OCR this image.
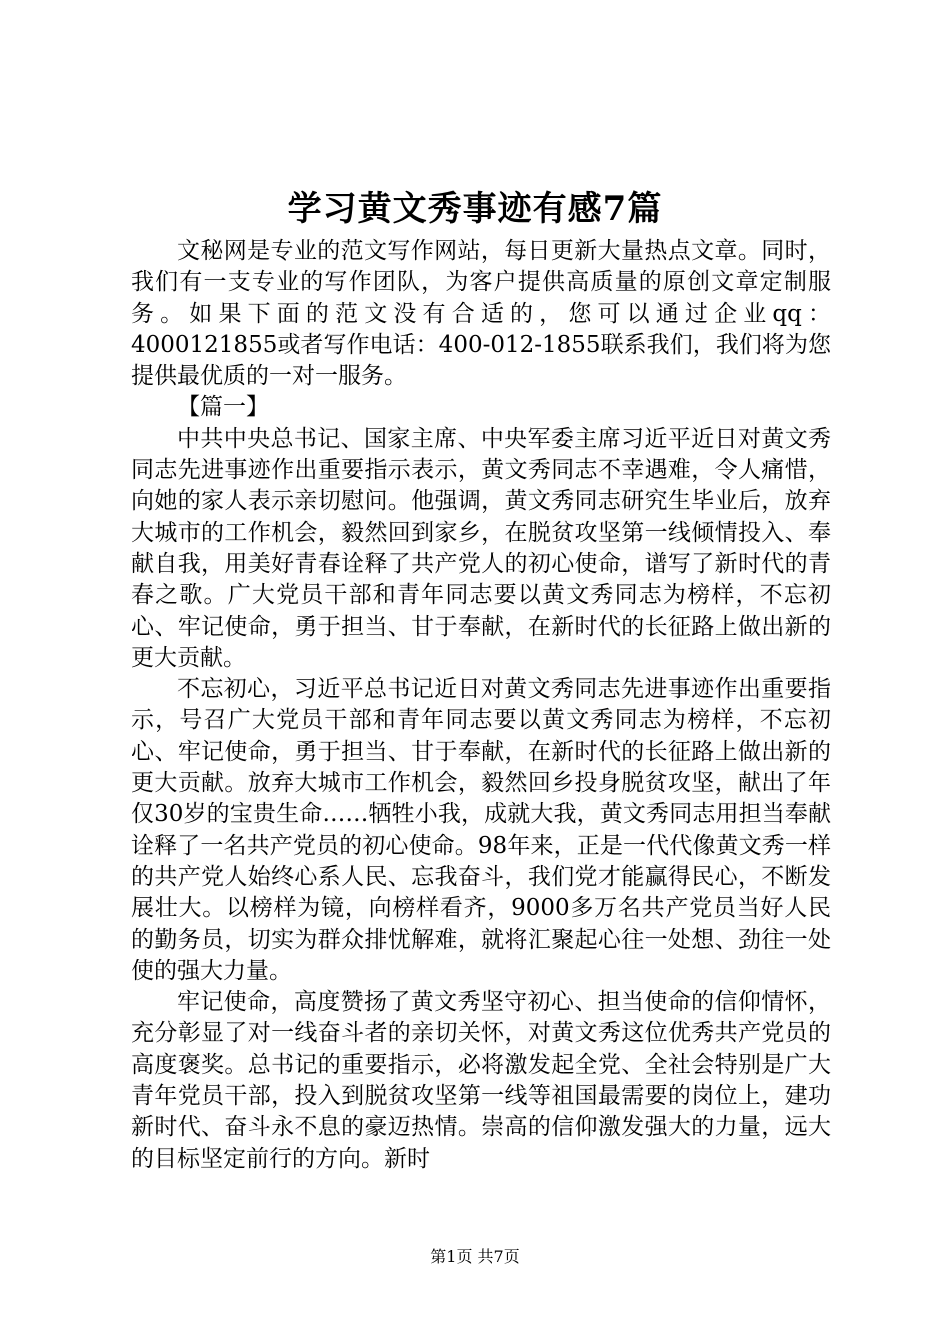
学习黄文秀事迹有感7篇

文秘网是专业的范文写作网站，每日更新大量热点文章。同时，我们有一支专业的写作团队，为客户提供高质量的原创文章定制服务。如果下面的范文没有合适的，您可以通过企业qq：4000121855或者写作电话：400-012-1855联系我们，我们将为您提供最优质的一对一服务。

【篇一】

中共中央总书记、国家主席、中央军委主席习近平近日对黄文秀同志先进事迹作出重要指示表示，黄文秀同志不幸遇难，令人痛惜，向她的家人表示亲切慰问。他强调，黄文秀同志研究生毕业后，放弃大城市的工作机会，毅然回到家乡，在脱贫攻坚第一线倾情投入、奉献自我，用美好青春诠释了共产党人的初心使命，谱写了新时代的青春之歌。广大党员干部和青年同志要以黄文秀同志为榜样，不忘初心、牢记使命，勇于担当、甘于奉献，在新时代的长征路上做出新的更大贡献。

不忘初心，习近平总书记近日对黄文秀同志先进事迹作出重要指示，号召广大党员干部和青年同志要以黄文秀同志为榜样，不忘初心、牢记使命，勇于担当、甘于奉献，在新时代的长征路上做出新的更大贡献。放弃大城市工作机会，毅然回乡投身脱贫攻坚，献出了年仅30岁的宝贵生命……牺牲小我，成就大我，黄文秀同志用担当奉献诠释了一名共产党员的初心使命。98年来，正是一代代像黄文秀一样的共产党人始终心系人民、忘我奋斗，我们党才能赢得民心，不断发展壮大。以榜样为镜，向榜样看齐，9000多万名共产党员当好人民的勤务员，切实为群众排忧解难，就将汇聚起心往一处想、劲往一处使的强大力量。

牢记使命，高度赞扬了黄文秀坚守初心、担当使命的信仰情怀，充分彰显了对一线奋斗者的亲切关怀，对黄文秀这位优秀共产党员的高度褒奖。总书记的重要指示，必将激发起全党、全社会特别是广大青年党员干部，投入到脱贫攻坚第一线等祖国最需要的岗位上，建功新时代、奋斗永不息的豪迈热情。崇高的信仰激发强大的力量，远大的目标坚定前行的方向。新时

第1页 共7页
